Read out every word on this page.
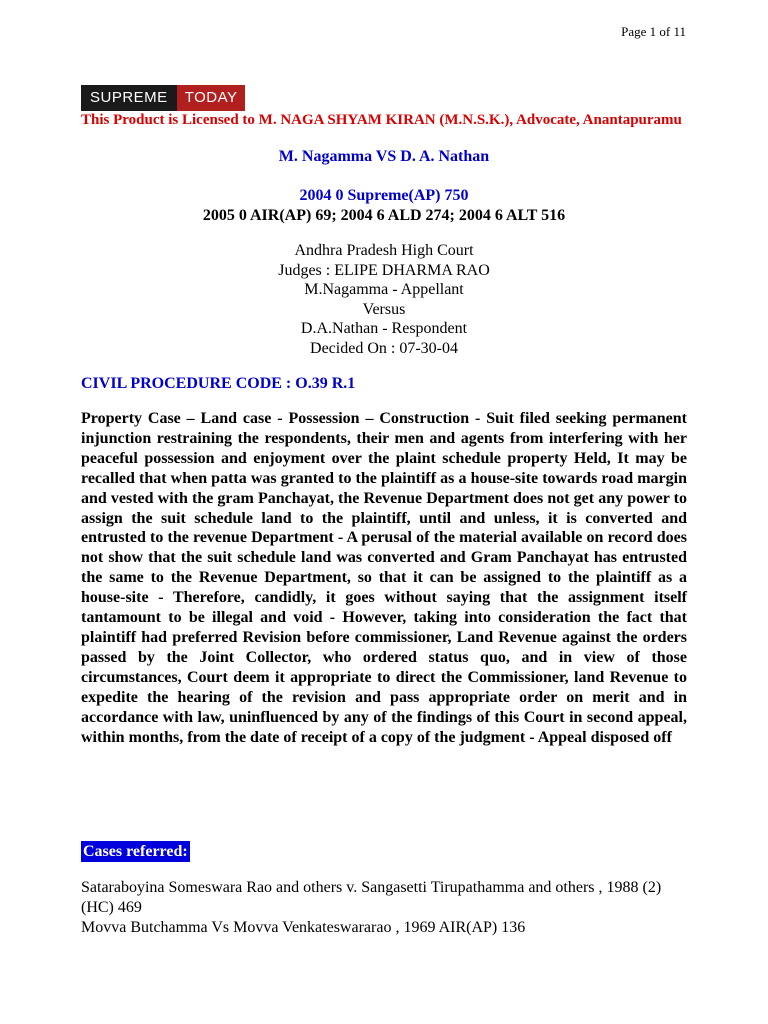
Page 1 of 11
SUPREME	TODAY
This Product is Licensed to M. NAGA SHYAM KIRAN (M.N.S.K.), Advocate, Anantapuramu
M. Nagamma VS D. A. Nathan
2004 0 Supreme(AP) 750
2005 0 AIR(AP) 69; 2004 6 ALD 274; 2004 6 ALT 516
Andhra Pradesh High Court
Judges : ELIPE DHARMA RAO
M.Nagamma - Appellant
Versus
D.A.Nathan - Respondent
Decided On : 07-30-04
CIVIL PROCEDURE CODE : O.39 R.1

Property Case – Land case - Possession – Construction - Suit filed seeking permanent injunction restraining the respondents, their men and agents from interfering with her peaceful possession and enjoyment over the plaint schedule property Held, It may be recalled that when patta was granted to the plaintiff as a house-site towards road margin and vested with the gram Panchayat, the Revenue Department does not get any power to assign the suit schedule land to the plaintiff, until and unless, it is converted and entrusted to the revenue Department - A perusal of the material available on record does not show that the suit schedule land was converted and Gram Panchayat has entrusted the same to the Revenue Department, so that it can be assigned to the plaintiff as a house-site - Therefore, candidly, it goes without saying that the assignment itself tantamount to be illegal and void - However, taking into consideration the fact that plaintiff had preferred Revision before commissioner, Land Revenue against the orders passed by the Joint Collector, who ordered status quo, and in view of those circumstances, Court deem it appropriate to direct the Commissioner, land Revenue to expedite the hearing of the revision and pass appropriate order on merit and in accordance with law, uninfluenced by any of the findings of this Court in second appeal, within months, from the date of receipt of a copy of the judgment - Appeal disposed off

Cases referred:
Sataraboyina Someswara Rao and others v. Sangasetti Tirupathamma and others , 1988 (2) (HC) 469
Movva Butchamma Vs Movva Venkateswararao , 1969 AIR(AP) 136
